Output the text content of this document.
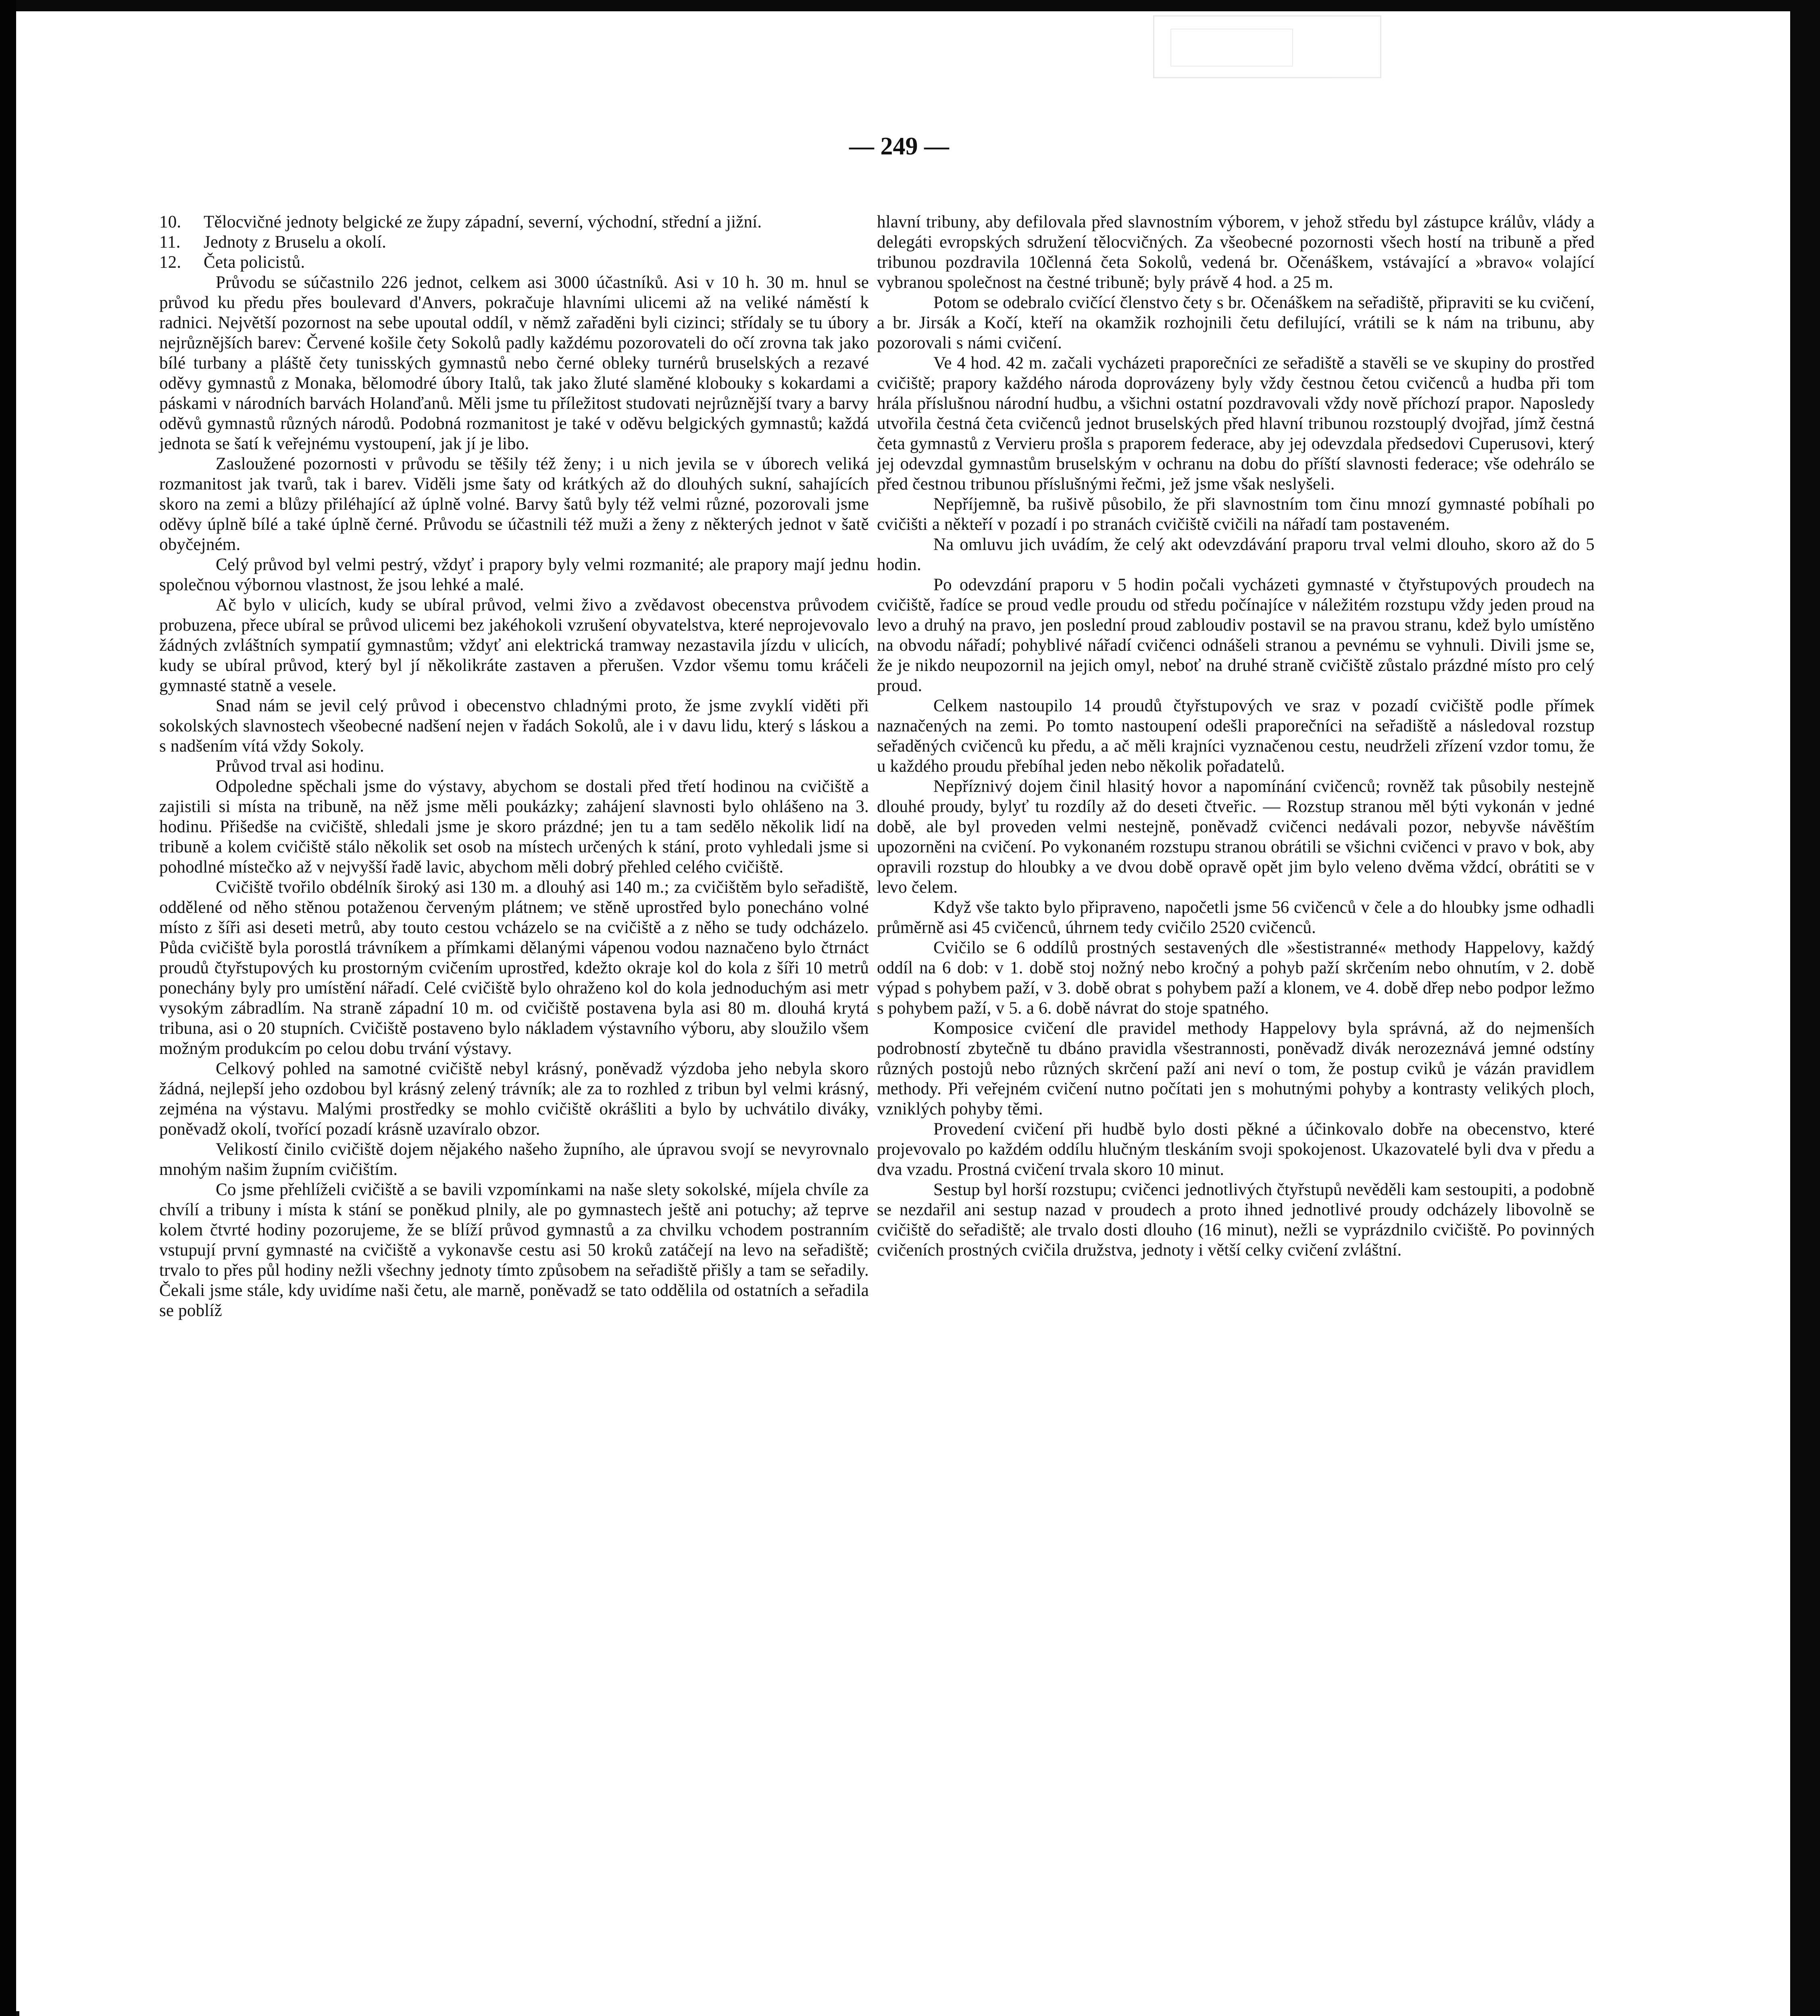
— 249 —

10. Tělocvičné jednoty belgické ze župy západní, severní, východní, střední a jižní.

11. Jednoty z Bruselu a okolí.

12. Četa policistů.

Průvodu se súčastnilo 226 jednot, celkem asi 3000 účastníků. Asi v 10 h. 30 m. hnul se průvod ku předu přes boulevard d'Anvers, pokračuje hlavními ulicemi až na veliké náměstí k radnici. Největší pozornost na sebe upoutal oddíl, v němž zařaděni byli cizinci; střídaly se tu úbory nejrůznějších barev: Červené košile čety Sokolů padly každému pozorovateli do očí zrovna tak jako bílé turbany a pláště čety tunisských gymnastů nebo černé obleky turnérů bruselských a rezavé oděvy gymnastů z Monaka, bělomodré úbory Italů, tak jako žluté slaměné klobouky s kokardami a páskami v národních barvách Holanďanů. Měli jsme tu příležitost studovati nejrůznější tvary a barvy oděvů gymnastů různých národů. Podobná rozmanitost je také v oděvu belgických gymnastů; každá jednota se šatí k veřejnému vystoupení, jak jí je libo.

Zasloužené pozornosti v průvodu se těšily též ženy; i u nich jevila se v úborech veliká rozmanitost jak tvarů, tak i barev. Viděli jsme šaty od krátkých až do dlouhých sukní, sahajících skoro na zemi a blůzy přiléhající až úplně volné. Barvy šatů byly též velmi různé, pozorovali jsme oděvy úplně bílé a také úplně černé. Průvodu se účastnili též muži a ženy z některých jednot v šatě obyčejném.

Celý průvod byl velmi pestrý, vždyť i prapory byly velmi rozmanité; ale prapory mají jednu společnou výbornou vlastnost, že jsou lehké a malé.

Ač bylo v ulicích, kudy se ubíral průvod, velmi živo a zvědavost obecenstva průvodem probuzena, přece ubíral se průvod ulicemi bez jakéhokoli vzrušení obyvatelstva, které neprojevovalo žádných zvláštních sympatií gymnastům; vždyť ani elektrická tramway nezastavila jízdu v ulicích, kudy se ubíral průvod, který byl jí několikráte zastaven a přerušen. Vzdor všemu tomu kráčeli gymnasté statně a vesele.

Snad nám se jevil celý průvod i obecenstvo chladnými proto, že jsme zvyklí viděti při sokolských slavnostech všeobecné nadšení nejen v řadách Sokolů, ale i v davu lidu, který s láskou a s nadšením vítá vždy Sokoly.

Průvod trval asi hodinu.

Odpoledne spěchali jsme do výstavy, abychom se dostali před třetí hodinou na cvičiště a zajistili si místa na tribuně, na něž jsme měli poukázky; zahájení slavnosti bylo ohlášeno na 3. hodinu. Přišedše na cvičiště, shledali jsme je skoro prázdné; jen tu a tam sedělo několik lidí na tribuně a kolem cvičiště stálo několik set osob na místech určených k stání, proto vyhledali jsme si pohodlné místečko až v nejvyšší řadě lavic, abychom měli dobrý přehled celého cvičiště.

Cvičiště tvořilo obdélník široký asi 130 m. a dlouhý asi 140 m.; za cvičištěm bylo seřadiště, oddělené od něho stěnou potaženou červeným plátnem; ve stěně uprostřed bylo ponecháno volné místo z šíři asi deseti metrů, aby touto cestou vcházelo se na cvičiště a z něho se tudy odcházelo. Půda cvičiště byla porostlá trávníkem a přímkami dělanými vápenou vodou naznačeno bylo čtrnáct proudů čtyřstupových ku prostorným cvičením uprostřed, kdežto okraje kol do kola z šíři 10 metrů ponechány byly pro umístění nářadí. Celé cvičiště bylo ohraženo kol do kola jednoduchým asi metr vysokým zábradlím. Na straně západní 10 m. od cvičiště postavena byla asi 80 m. dlouhá krytá tribuna, asi o 20 stupních. Cvičiště postaveno bylo nákladem výstavního výboru, aby sloužilo všem možným produkcím po celou dobu trvání výstavy.

Celkový pohled na samotné cvičiště nebyl krásný, poněvadž výzdoba jeho nebyla skoro žádná, nejlepší jeho ozdobou byl krásný zelený trávník; ale za to rozhled z tribun byl velmi krásný, zejména na výstavu. Malými prostředky se mohlo cvičiště okrášliti a bylo by uchvátilo diváky, poněvadž okolí, tvořící pozadí krásně uzavíralo obzor.

Velikostí činilo cvičiště dojem nějakého našeho župního, ale úpravou svojí se nevyrovnalo mnohým našim župním cvičištím.

Co jsme přehlíželi cvičiště a se bavili vzpomínkami na naše slety sokolské, míjela chvíle za chvílí a tribuny i místa k stání se poněkud plnily, ale po gymnastech ještě ani potuchy; až teprve kolem čtvrté hodiny pozorujeme, že se blíží průvod gymnastů a za chvilku vchodem postranním vstupují první gymnasté na cvičiště a vykonavše cestu asi 50 kroků zatáčejí na levo na seřadiště; trvalo to přes půl hodiny nežli všechny jednoty tímto způsobem na seřadiště přišly a tam se seřadily. Čekali jsme stále, kdy uvidíme naši četu, ale marně, poněvadž se tato oddělila od ostatních a seřadila se poblíž

hlavní tribuny, aby defilovala před slavnostním výborem, v jehož středu byl zástupce králův, vlády a delegáti evropských sdružení tělocvičných. Za všeobecné pozornosti všech hostí na tribuně a před tribunou pozdravila 10členná četa Sokolů, vedená br. Očenáškem, vstávající a »bravo« volající vybranou společnost na čestné tribuně; byly právě 4 hod. a 25 m.

Potom se odebralo cvičící členstvo čety s br. Očenáškem na seřadiště, připraviti se ku cvičení, a br. Jirsák a Kočí, kteří na okamžik rozhojnili četu defilující, vrátili se k nám na tribunu, aby pozorovali s námi cvičení.

Ve 4 hod. 42 m. začali vycházeti praporečníci ze seřadiště a stavěli se ve skupiny do prostřed cvičiště; prapory každého národa doprovázeny byly vždy čestnou četou cvičenců a hudba při tom hrála příslušnou národní hudbu, a všichni ostatní pozdravovali vždy nově příchozí prapor. Naposledy utvořila čestná četa cvičenců jednot bruselských před hlavní tribunou rozstouplý dvojřad, jímž čestná četa gymnastů z Vervieru prošla s praporem federace, aby jej odevzdala předsedovi Cuperusovi, který jej odevzdal gymnastům bruselským v ochranu na dobu do příští slavnosti federace; vše odehrálo se před čestnou tribunou příslušnými řečmi, jež jsme však neslyšeli.

Nepříjemně, ba rušivě působilo, že při slavnostním tom činu mnozí gymnasté pobíhali po cvičišti a někteří v pozadí i po stranách cvičiště cvičili na nářadí tam postaveném.

Na omluvu jich uvádím, že celý akt odevzdávání praporu trval velmi dlouho, skoro až do 5 hodin.

Po odevzdání praporu v 5 hodin počali vycházeti gymnasté v čtyřstupových proudech na cvičiště, řadíce se proud vedle proudu od středu počínajíce v náležitém rozstupu vždy jeden proud na levo a druhý na pravo, jen poslední proud zabloudiv postavil se na pravou stranu, kdež bylo umístěno na obvodu nářadí; pohyblivé nářadí cvičenci odnášeli stranou a pevnému se vyhnuli. Divili jsme se, že je nikdo neupozornil na jejich omyl, neboť na druhé straně cvičiště zůstalo prázdné místo pro celý proud.

Celkem nastoupilo 14 proudů čtyřstupových ve sraz v pozadí cvičiště podle přímek naznačených na zemi. Po tomto nastoupení odešli praporečníci na seřadiště a následoval rozstup seřaděných cvičenců ku předu, a ač měli krajníci vyznačenou cestu, neudrželi zřízení vzdor tomu, že u každého proudu přebíhal jeden nebo několik pořadatelů.

Nepříznivý dojem činil hlasitý hovor a napomínání cvičenců; rovněž tak působily nestejně dlouhé proudy, bylyť tu rozdíly až do deseti čtveřic. — Rozstup stranou měl býti vykonán v jedné době, ale byl proveden velmi nestejně, poněvadž cvičenci nedávali pozor, nebyvše návěštím upozorněni na cvičení. Po vykonaném rozstupu stranou obrátili se všichni cvičenci v pravo v bok, aby opravili rozstup do hloubky a ve dvou době opravě opět jim bylo veleno dvěma vždcí, obrátiti se v levo čelem.

Když vše takto bylo připraveno, napočetli jsme 56 cvičenců v čele a do hloubky jsme odhadli průměrně asi 45 cvičenců, úhrnem tedy cvičilo 2520 cvičenců.

Cvičilo se 6 oddílů prostných sestavených dle »šestistranné« methody Happelovy, každý oddíl na 6 dob: v 1. době stoj nožný nebo kročný a pohyb paží skrčením nebo ohnutím, v 2. době výpad s pohybem paží, v 3. době obrat s pohybem paží a klonem, ve 4. době dřep nebo podpor ležmo s pohybem paží, v 5. a 6. době návrat do stoje spatného.

Komposice cvičení dle pravidel methody Happelovy byla správná, až do nejmenších podrobností zbytečně tu dbáno pravidla všestrannosti, poněvadž divák nerozeznává jemné odstíny různých postojů nebo různých skrčení paží ani neví o tom, že postup cviků je vázán pravidlem methody. Při veřejném cvičení nutno počítati jen s mohutnými pohyby a kontrasty velikých ploch, vzniklých pohyby těmi.

Provedení cvičení při hudbě bylo dosti pěkné a účinkovalo dobře na obecenstvo, které projevovalo po každém oddílu hlučným tleskáním svoji spokojenost. Ukazovatelé byli dva v předu a dva vzadu. Prostná cvičení trvala skoro 10 minut.

Sestup byl horší rozstupu; cvičenci jednotlivých čtyřstupů nevěděli kam sestoupiti, a podobně se nezdařil ani sestup nazad v proudech a proto ihned jednotlivé proudy odcházely libovolně se cvičiště do seřadiště; ale trvalo dosti dlouho (16 minut), nežli se vyprázdnilo cvičiště. Po povinných cvičeních prostných cvičila družstva, jednoty i větší celky cvičení zvláštní.
